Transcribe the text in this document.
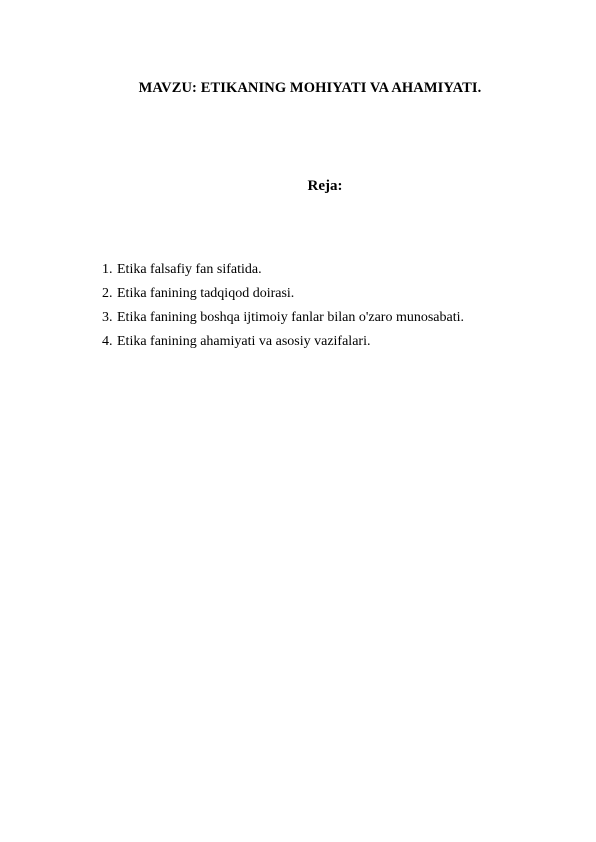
MAVZU: ETIKANING MOHIYATI VA AHAMIYATI.
Reja:
1. Etika falsafiy fan sifatida.
2. Etika fanining tadqiqod doirasi.
3. Etika fanining boshqa ijtimoiy fanlar bilan o'zaro munosabati.
4. Etika fanining ahamiyati va asosiy vazifalari.
